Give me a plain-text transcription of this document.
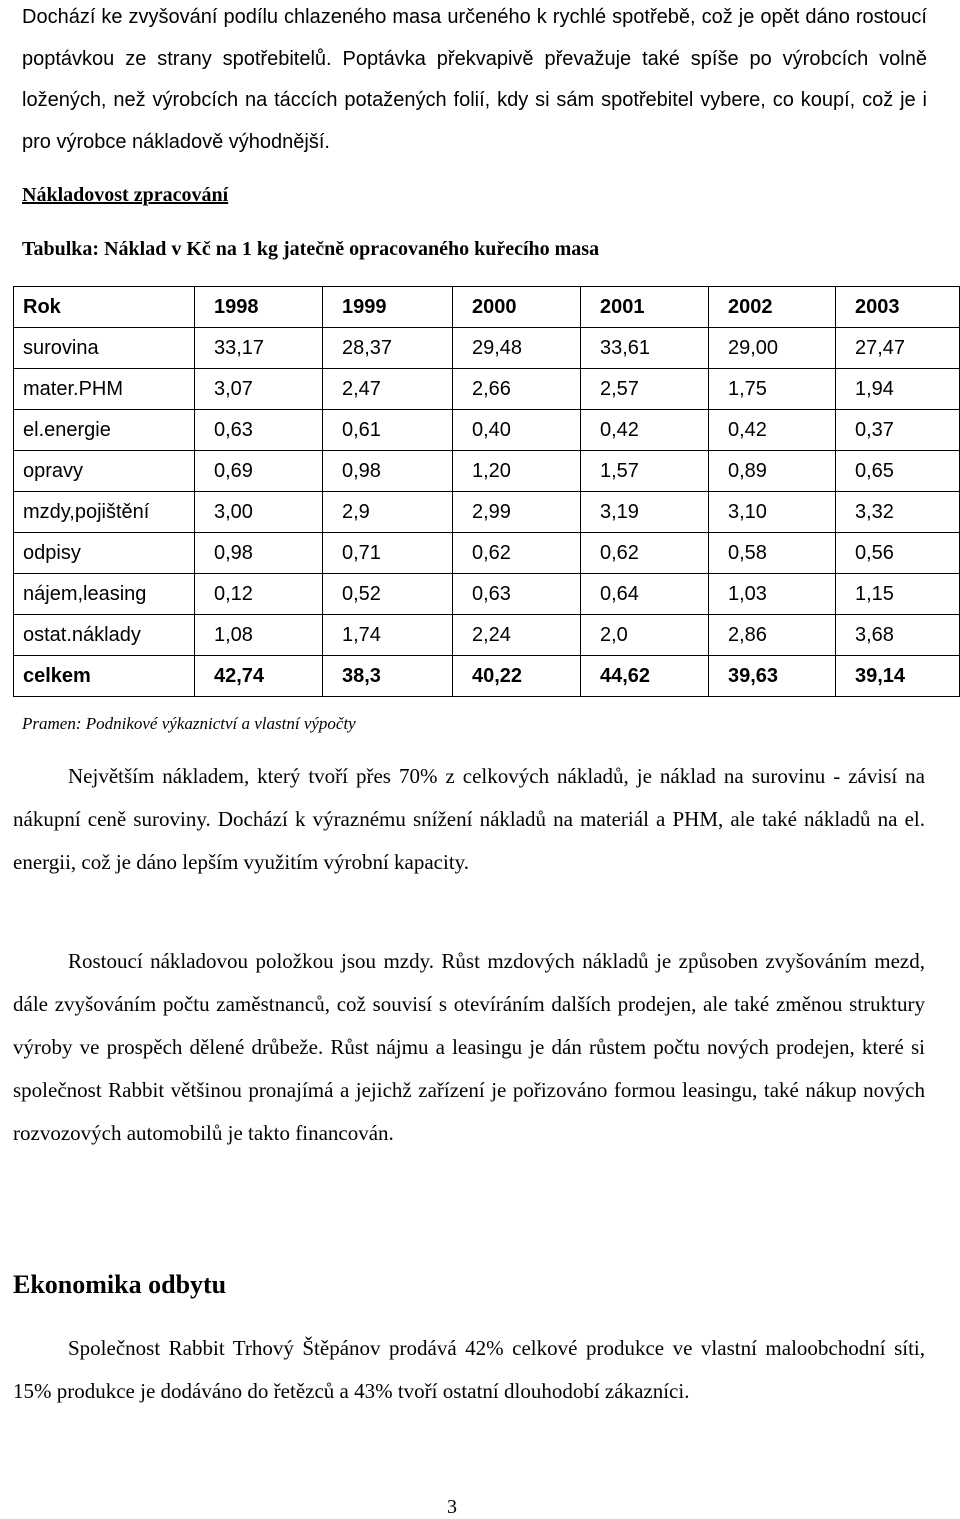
Dochází ke zvyšování podílu chlazeného masa určeného k rychlé spotřebě, což je opět dáno rostoucí poptávkou ze strany spotřebitelů. Poptávka překvapivě převažuje také spíše po výrobcích volně ložených, než výrobcích na táccích potažených folií, kdy si sám spotřebitel vybere, co koupí, což je i pro výrobce nákladově výhodnější.

Nákladovost zpracování
Tabulka: Náklad v Kč na 1 kg jatečně opracovaného kuřecího masa
Rok	1998	1999	2000	2001	2002	2003
surovina	33,17	28,37	29,48	33,61	29,00	27,47
mater.PHM	3,07	2,47	2,66	2,57	1,75	1,94
el.energie	0,63	0,61	0,40	0,42	0,42	0,37
opravy	0,69	0,98	1,20	1,57	0,89	0,65
mzdy,pojištění	3,00	2,9	2,99	3,19	3,10	3,32
odpisy	0,98	0,71	0,62	0,62	0,58	0,56
nájem,leasing	0,12	0,52	0,63	0,64	1,03	1,15
ostat.náklady	1,08	1,74	2,24	2,0	2,86	3,68
celkem	42,74	38,3	40,22	44,62	39,63	39,14
Pramen: Podnikové výkaznictví a vlastní výpočty

Největším nákladem, který tvoří přes 70% z celkových nákladů, je náklad na surovinu - závisí na nákupní ceně suroviny. Dochází k výraznému snížení nákladů na materiál a PHM, ale také nákladů na el. energii, což je dáno lepším využitím výrobní kapacity.

Rostoucí nákladovou položkou jsou mzdy. Růst mzdových nákladů je způsoben zvyšováním mezd, dále zvyšováním počtu zaměstnanců, což souvisí s otevíráním dalších prodejen, ale také změnou struktury výroby ve prospěch dělené drůbeže. Růst nájmu a leasingu je dán růstem počtu nových prodejen, které si společnost Rabbit většinou pronajímá a jejichž zařízení je pořizováno formou leasingu, také nákup nových rozvozových automobilů je takto financován.

Ekonomika odbytu

Společnost Rabbit Trhový Štěpánov prodává 42% celkové produkce ve vlastní maloobchodní síti, 15% produkce je dodáváno do řetězců a 43% tvoří ostatní dlouhodobí zákazníci.

3
